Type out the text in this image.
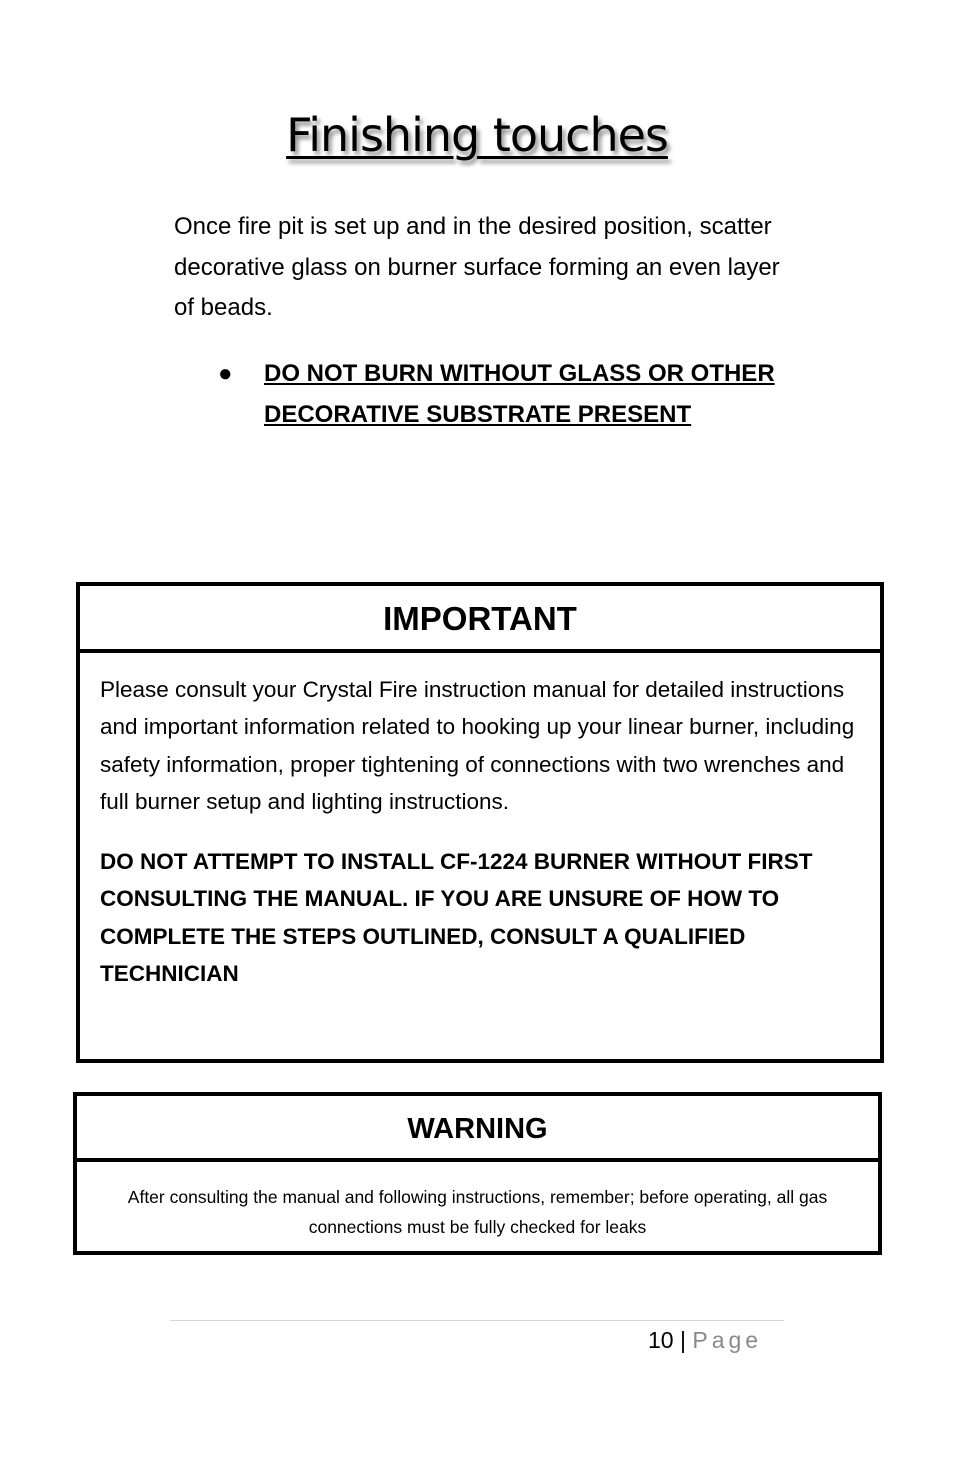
Finishing touches
Once fire pit is set up and in the desired position, scatter decorative glass on burner surface forming an even layer of beads.
●	DO NOT BURN WITHOUT GLASS OR OTHER DECORATIVE SUBSTRATE PRESENT
IMPORTANT

Please consult your Crystal Fire instruction manual for detailed instructions and important information related to hooking up your linear burner, including safety information, proper tightening of connections with two wrenches and full burner setup and lighting instructions.

DO NOT ATTEMPT TO INSTALL CF-1224 BURNER WITHOUT FIRST CONSULTING THE MANUAL. IF YOU ARE UNSURE OF HOW TO COMPLETE THE STEPS OUTLINED, CONSULT A QUALIFIED TECHNICIAN

WARNING
After consulting the manual and following instructions, remember; before operating, all gas connections must be fully checked for leaks
10 | Page
